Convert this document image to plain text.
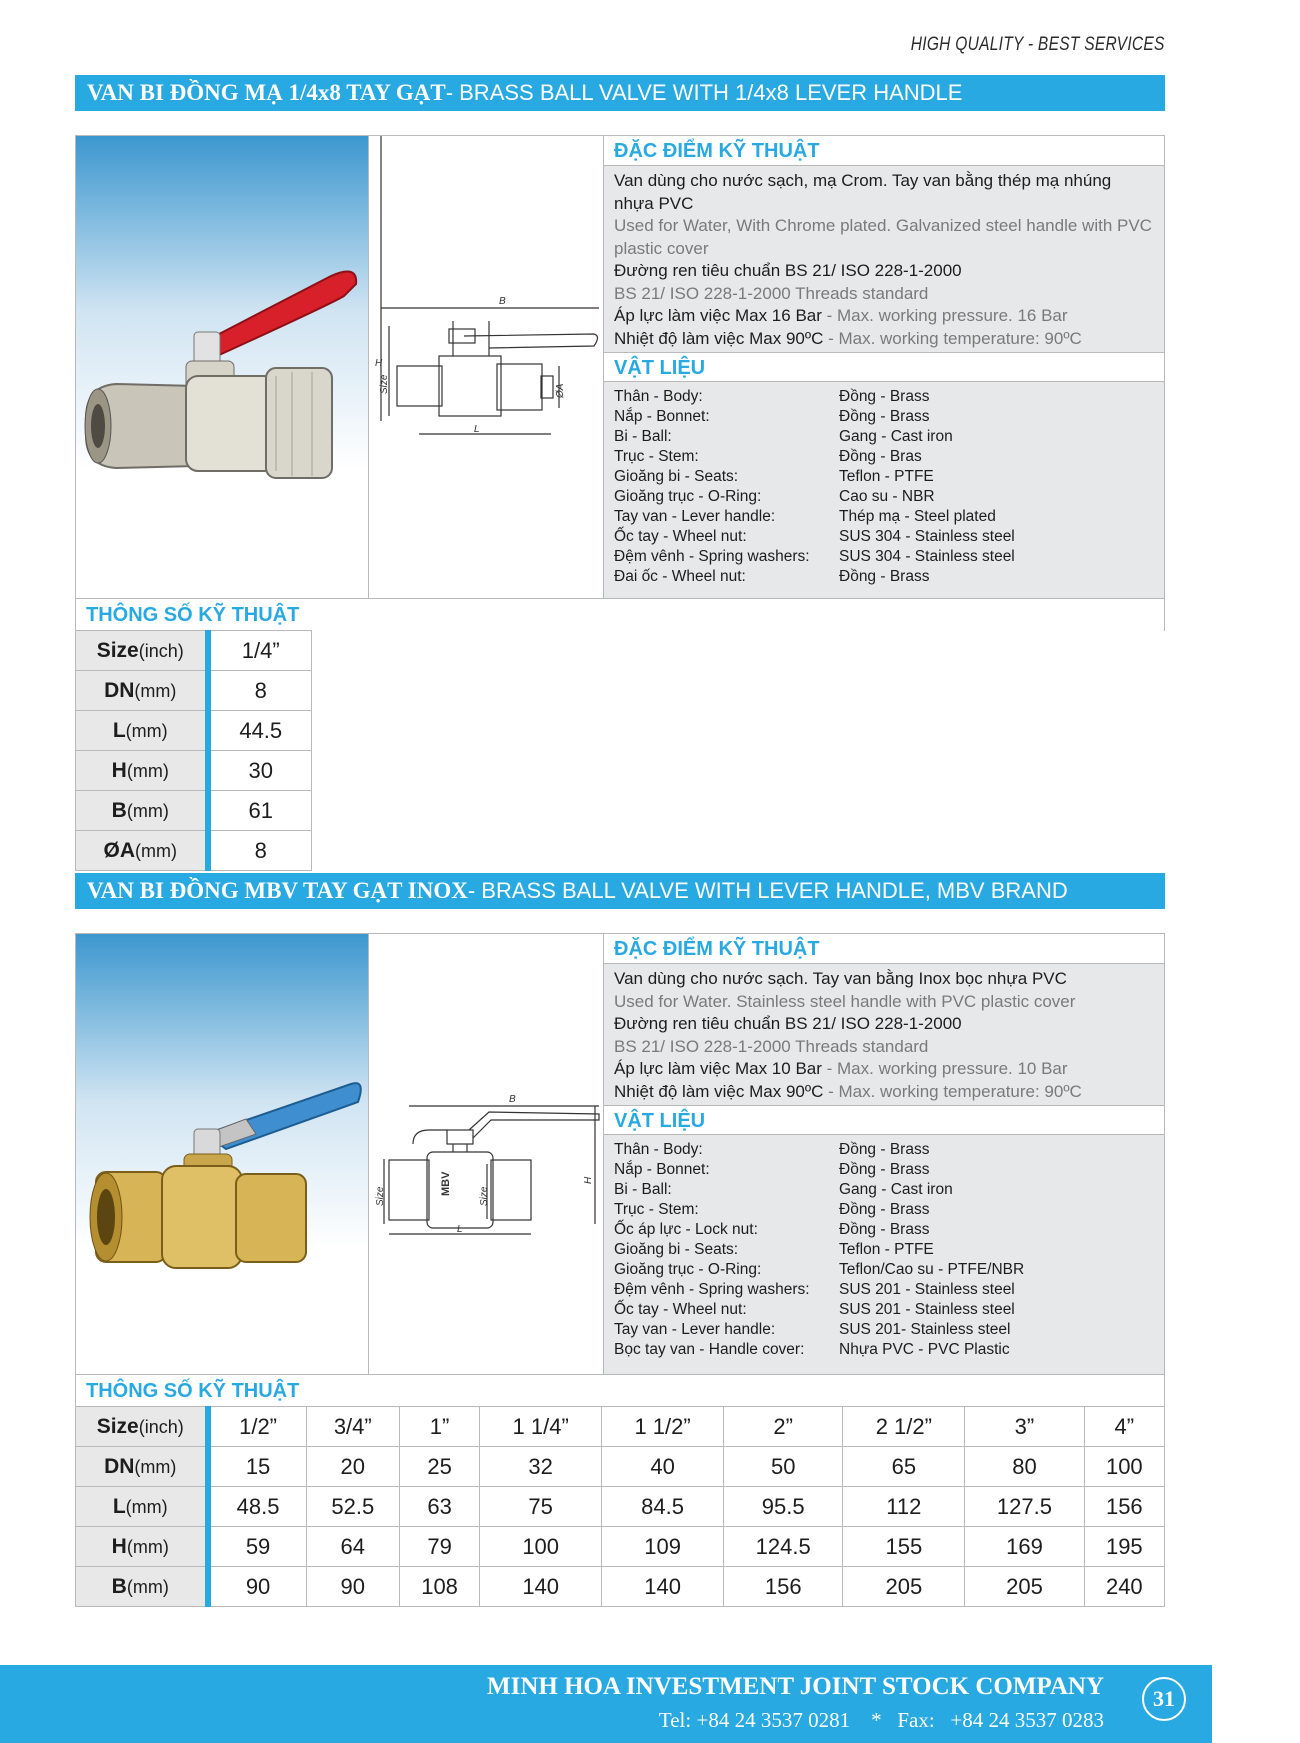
HIGH QUALITY - BEST SERVICES
VAN BI ĐỒNG MẠ 1/4x8 TAY GẠT - BRASS BALL VALVE WITH 1/4x8 LEVER HANDLE
B
H
Size	ØA
L
ĐẶC ĐIỂM KỸ THUẬT
Van dùng cho nước sạch, mạ Crom. Tay van bằng thép mạ nhúng nhựa PVC
Used for Water, With Chrome plated. Galvanized steel handle with PVC plastic cover
Đường ren tiêu chuẩn BS 21/ ISO 228-1-2000
BS 21/ ISO 228-1-2000 Threads standard
Áp lực làm việc Max 16 Bar - Max. working pressure. 16 Bar
Nhiệt độ làm việc Max 90ºC - Max. working temperature: 90ºC
VẬT LIỆU
Thân - Body:	Đồng - Brass
Nắp - Bonnet:	Đồng - Brass
Bi - Ball:	Gang - Cast iron
Trục - Stem:	Đồng - Bras
Gioăng bi - Seats:	Teflon - PTFE
Gioăng trục - O-Ring:	Cao su - NBR
Tay van - Lever handle:	Thép mạ - Steel plated
Ốc tay - Wheel nut:	SUS 304 - Stainless steel
Đệm vênh - Spring washers:	SUS 304 - Stainless steel
Đai ốc - Wheel nut:	Đồng - Brass
THÔNG SỐ KỸ THUẬT
Size(inch)	1/4”
DN(mm)	8
L(mm)	44.5
H(mm)	30
B(mm)	61
ØA(mm)	8
VAN BI ĐỒNG MBV TAY GẠT INOX - BRASS BALL VALVE WITH LEVER HANDLE, MBV BRAND
B
H
Size	Size
MBV
L
ĐẶC ĐIỂM KỸ THUẬT
Van dùng cho nước sạch. Tay van bằng Inox bọc nhựa PVC
Used for Water. Stainless steel handle with PVC plastic cover
Đường ren tiêu chuẩn BS 21/ ISO 228-1-2000
BS 21/ ISO 228-1-2000 Threads standard
Áp lực làm việc Max 10 Bar - Max. working pressure. 10 Bar
Nhiệt độ làm việc Max 90ºC - Max. working temperature: 90ºC
VẬT LIỆU
Thân - Body:	Đồng - Brass
Nắp - Bonnet:	Đồng - Brass
Bi - Ball:	Gang - Cast iron
Trục - Stem:	Đồng - Brass
Ốc áp lực - Lock nut:	Đồng - Brass
Gioăng bi - Seats:	Teflon - PTFE
Gioăng trục - O-Ring:	Teflon/Cao su - PTFE/NBR
Đệm vênh - Spring washers:	SUS 201 - Stainless steel
Ốc tay - Wheel nut:	SUS 201 - Stainless steel
Tay van - Lever handle:	SUS 201- Stainless steel
Bọc tay van - Handle cover:	Nhựa PVC - PVC Plastic
THÔNG SỐ KỸ THUẬT
Size(inch)	1/2”	3/4”	1”	1 1/4”	1 1/2”	2”	2 1/2”	3”	4”
DN(mm)	15	20	25	32	40	50	65	80	100
L(mm)	48.5	52.5	63	75	84.5	95.5	112	127.5	156
H(mm)	59	64	79	100	109	124.5	155	169	195
B(mm)	90	90	108	140	140	156	205	205	240
MINH HOA INVESTMENT JOINT STOCK COMPANY
Tel: +84 24 3537 0281    *   Fax:   +84 24 3537 0283
31
